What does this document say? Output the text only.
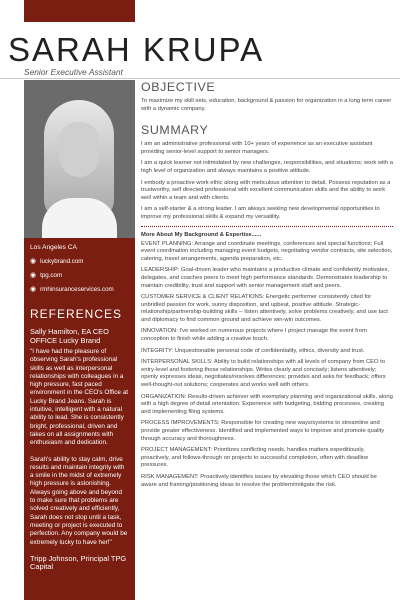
SARAH KRUPA
Senior Executive Assistant
Los Angeles CA
◉ luckybrand.com
◉ tpg.com
◉ rmhinsuranceservices.com
REFERENCES
Sally Hamilton, EA CEO OFFICE Lucky Brand
"I have had the pleasure of observing Sarah's professional skills as well as interpersonal relationships with colleagues in a high pressure, fast paced environment in the CEO's Office at Lucky Brand Jeans. Sarah is intuitive, intelligent with a natural ability to lead. She is consistently bright, professional, driven and takes on all assignments with enthusiasm and dedication.
Sarah's ability to stay calm, drive results and maintain integrity with a smile in the midst of extremely high pressure is astonishing. Always going above and beyond to make sure that problems are solved creatively and efficiently, Sarah does not stop until a task, meeting or project is executed to perfection. Any company would be extremely lucky to have her!"
Tripp Johnson, Principal TPG Capital
OBJECTIVE
To maximize my skill sets, education, background & passion for organization in a long term career with a dynamic company.
SUMMARY
I am an administrative professional with 10+ years of experience as an executive assistant providing senior-level support to senior managers.
I am a quick learner not intimidated by new challenges, responsibilities, and situations; work with a high level of organization and always maintains a positive attitude.
I embody a proactive work ethic along with meticulous attention to detail. Possess reputation as a trustworthy, self directed professional with excellent communication skills and the ability to work well within a team and with clients.
I am a self-starter & a strong leader. I am always seeking new developmental opportunities to improve my professional skills & expand my versatility.
More About My Background & Expertise......
EVENT PLANNING: Arrange and coordinate meetings, conferences and special functions; Full event coordination including managing event budgets, negotiating vendor contracts, site selection, catering, travel arrangements, agenda preparation, etc.
LEADERSHIP: Goal-driven leader who maintains a productive climate and confidently motivates, delegates, and coaches peers to meet high performance standards. Demonstrates leadership to maintain credibility, trust and support with senior management staff and peers.
CUSTOMER SERVICE & CLIENT RELATIONS: Energetic performer consistently cited for unbridled passion for work, sunny disposition, and upbeat, positive attitude. Strategic-relationship/partnership-building skills -- listen attentively, solve problems creatively, and use tact and diplomacy to find common ground and achieve win-win outcomes.
INNOVATION: I've worked on numerous projects where I project manage the event from conception to finish while adding a creative touch.
INTEGRITY: Unquestionable personal code of confidentiality, ethics, diversity and trust.
INTERPERSONAL SKILLS: Ability to build relationships with all levels of company from CEO to entry-level and fostering those relationships. Writes clearly and concisely; listens attentively; openly expresses ideas, negotiates/resolves differences; provides and asks for feedback; offers well-thought-out solutions; cooperates and works well with others.
ORGANIZATION: Results-driven achiever with exemplary planning and organizational skills, along with a high degree of detail orientation. Experience with budgeting, bidding processes, creating and implementing filing systems.
PROCESS IMPROVEMENTS: Responsible for creating new ways/systems to streamline and provide greater effectiveness. Identified and implemented ways to improve and promote quality through accuracy and thoroughness.
PROJECT MANAGEMENT: Prioritizes conflicting needs, handles matters expeditiously, proactively, and follows-through on projects to successful completion, often with deadline pressures.
RISK MANAGEMENT: Proactively identifies issues by elevating those which CEO should be aware and framing/positioning ideas to resolve the problem/mitigate the risk.
